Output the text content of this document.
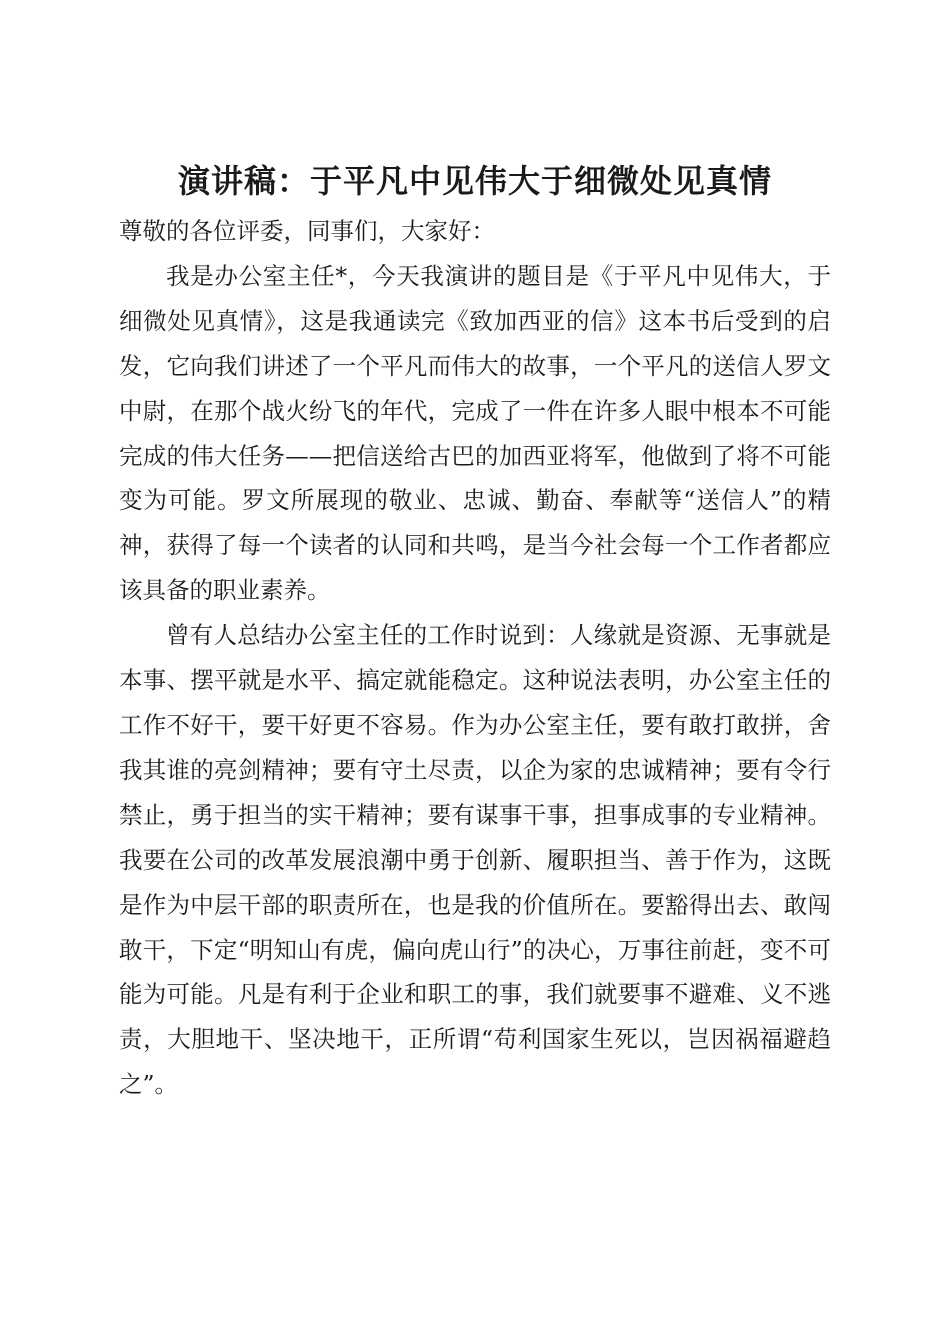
演讲稿：于平凡中见伟大于细微处见真情

尊敬的各位评委，同事们，大家好：

我是办公室主任*，今天我演讲的题目是《于平凡中见伟大，于细微处见真情》，这是我通读完《致加西亚的信》这本书后受到的启发，它向我们讲述了一个平凡而伟大的故事，一个平凡的送信人罗文中尉，在那个战火纷飞的年代，完成了一件在许多人眼中根本不可能完成的伟大任务——把信送给古巴的加西亚将军，他做到了将不可能变为可能。罗文所展现的敬业、忠诚、勤奋、奉献等“送信人”的精神，获得了每一个读者的认同和共鸣，是当今社会每一个工作者都应该具备的职业素养。

曾有人总结办公室主任的工作时说到：人缘就是资源、无事就是本事、摆平就是水平、搞定就能稳定。这种说法表明，办公室主任的工作不好干，要干好更不容易。作为办公室主任，要有敢打敢拼，舍我其谁的亮剑精神；要有守土尽责，以企为家的忠诚精神；要有令行禁止，勇于担当的实干精神；要有谋事干事，担事成事的专业精神。我要在公司的改革发展浪潮中勇于创新、履职担当、善于作为，这既是作为中层干部的职责所在，也是我的价值所在。要豁得出去、敢闯敢干，下定“明知山有虎，偏向虎山行”的决心，万事往前赶，变不可能为可能。凡是有利于企业和职工的事，我们就要事不避难、义不逃责，大胆地干、坚决地干，正所谓“苟利国家生死以，岂因祸福避趋之”。
